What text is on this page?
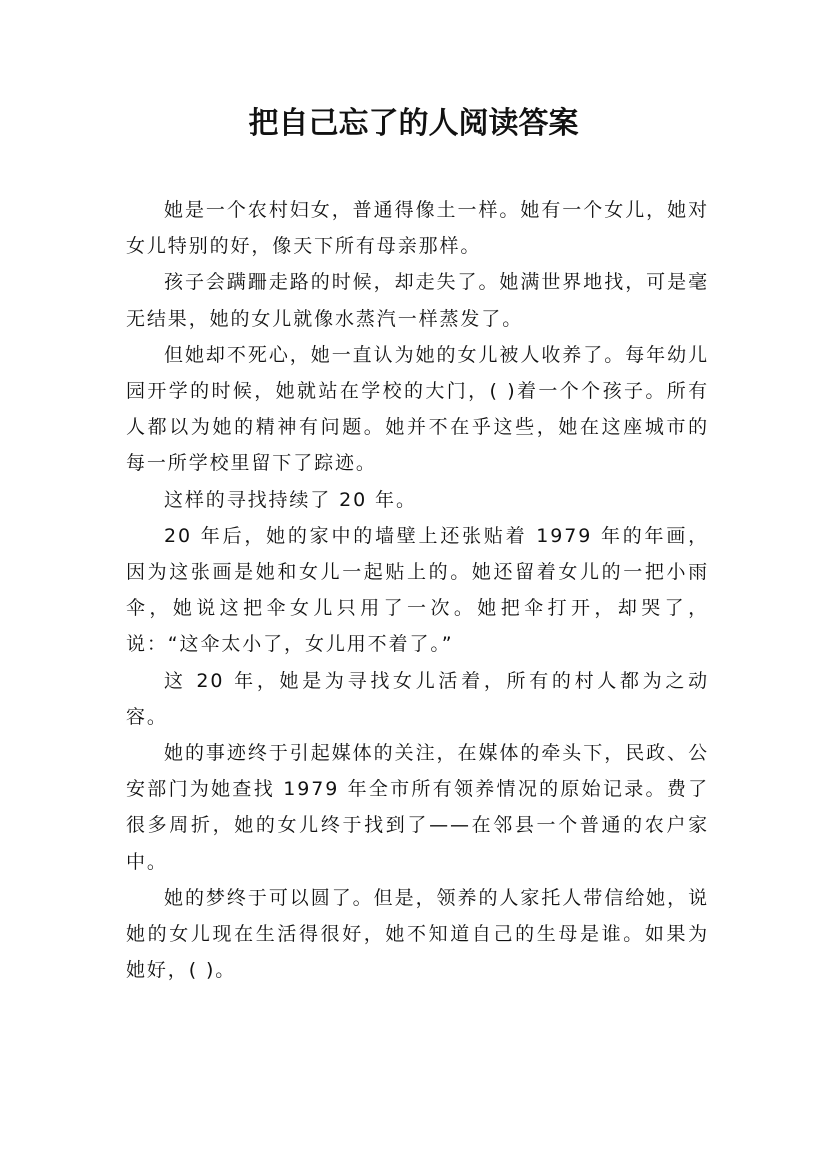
把自己忘了的人阅读答案

她是一个农村妇女，普通得像土一样。她有一个女儿，她对女儿特别的好，像天下所有母亲那样。

孩子会蹒跚走路的时候，却走失了。她满世界地找，可是毫无结果，她的女儿就像水蒸汽一样蒸发了。

但她却不死心，她一直认为她的女儿被人收养了。每年幼儿园开学的时候，她就站在学校的大门，( )着一个个孩子。所有人都以为她的精神有问题。她并不在乎这些，她在这座城市的每一所学校里留下了踪迹。

这样的寻找持续了 20 年。

20 年后，她的家中的墙壁上还张贴着 1979 年的年画，因为这张画是她和女儿一起贴上的。她还留着女儿的一把小雨伞，她说这把伞女儿只用了一次。她把伞打开，却哭了，说：“这伞太小了，女儿用不着了。”

这 20 年，她是为寻找女儿活着，所有的村人都为之动容。

她的事迹终于引起媒体的关注，在媒体的牵头下，民政、公安部门为她查找 1979 年全市所有领养情况的原始记录。费了很多周折，她的女儿终于找到了——在邻县一个普通的农户家中。

她的梦终于可以圆了。但是，领养的人家托人带信给她，说她的女儿现在生活得很好，她不知道自己的生母是谁。如果为她好，( )。
